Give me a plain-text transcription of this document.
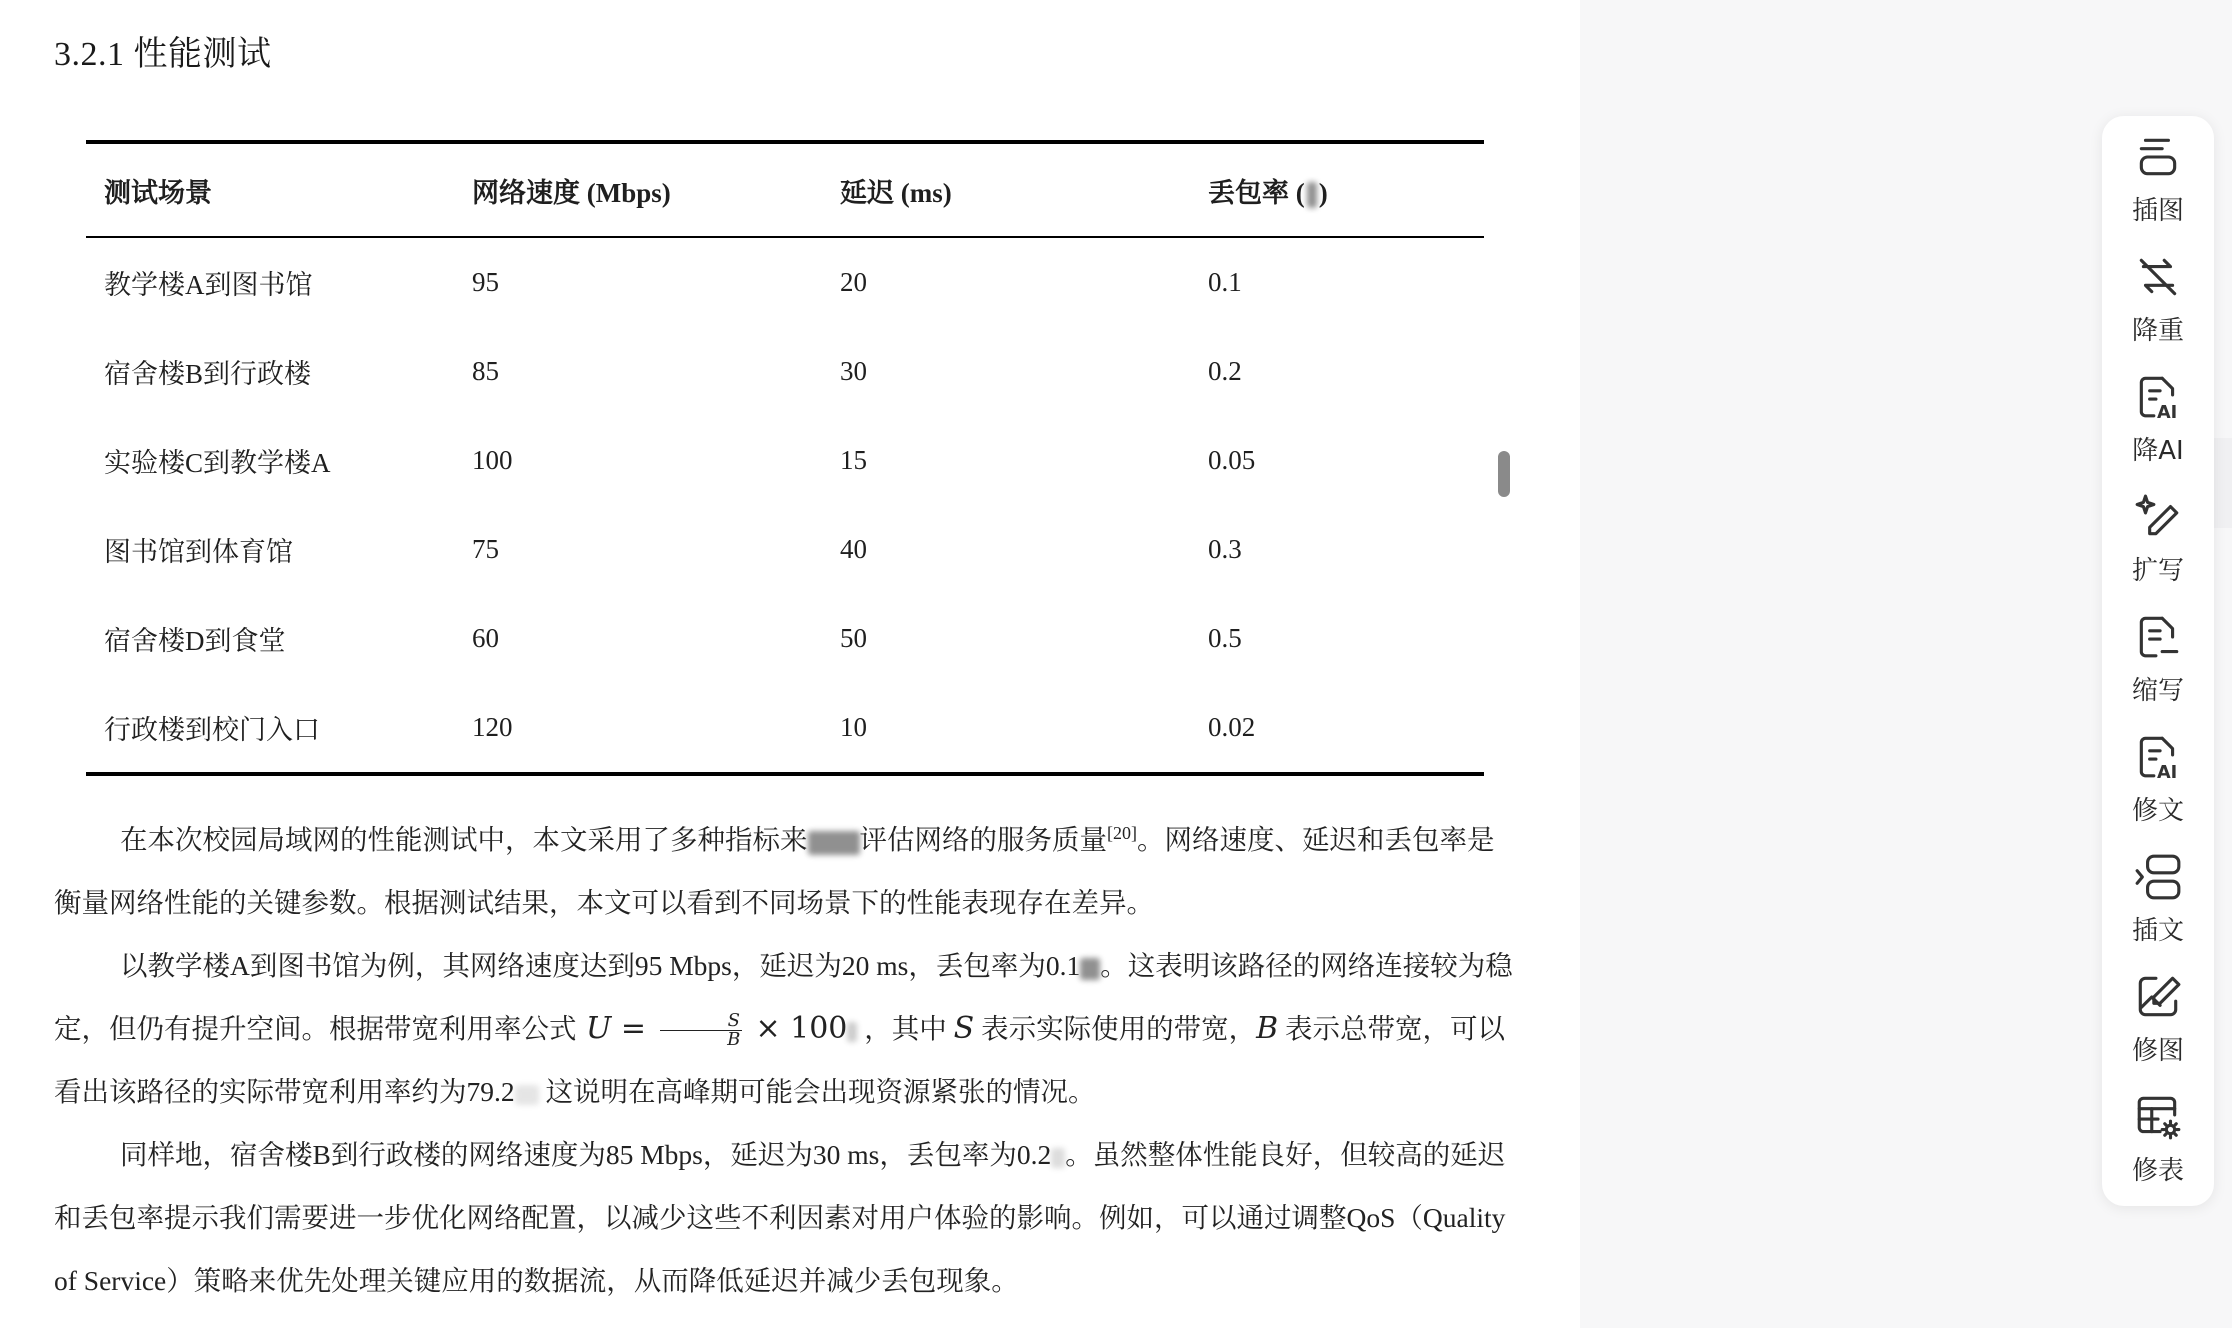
3.2.1 性能测试
测试场景	网络速度 (Mbps)	延迟 (ms)	丢包率 ( )
教学楼A到图书馆	95	20	0.1
宿舍楼B到行政楼	85	30	0.2
实验楼C到教学楼A	100	15	0.05
图书馆到体育馆	75	40	0.3
宿舍楼D到食堂	60	50	0.5
行政楼到校门入口	120	10	0.02

在本次校园局域网的性能测试中，本文采用了多种指标来 评估网络的服务质量[20]。网络速度、延迟和丢包率是衡量网络性能的关键参数。根据测试结果，本文可以看到不同场景下的性能表现存在差异。

以教学楼A到图书馆为例，其网络速度达到95 Mbps，延迟为20 ms，丢包率为0.1 。这表明该路径的网络连接较为稳定，但仍有提升空间。根据带宽利用率公式 $U = \frac{S}{B} \times 100$ ，其中 S 表示实际使用的带宽，B 表示总带宽，可以看出该路径的实际带宽利用率约为79.2 这说明在高峰期可能会出现资源紧张的情况。

同样地，宿舍楼B到行政楼的网络速度为85 Mbps，延迟为30 ms，丢包率为0.2 。虽然整体性能良好，但较高的延迟和丢包率提示我们需要进一步优化网络配置，以减少这些不利因素对用户体验的影响。例如，可以通过调整QoS（Quality of Service）策略来优先处理关键应用的数据流，从而降低延迟并减少丢包现象。

插图
降重
AI
降AI
扩写
缩写
AI
修文
插文
修图
修表
